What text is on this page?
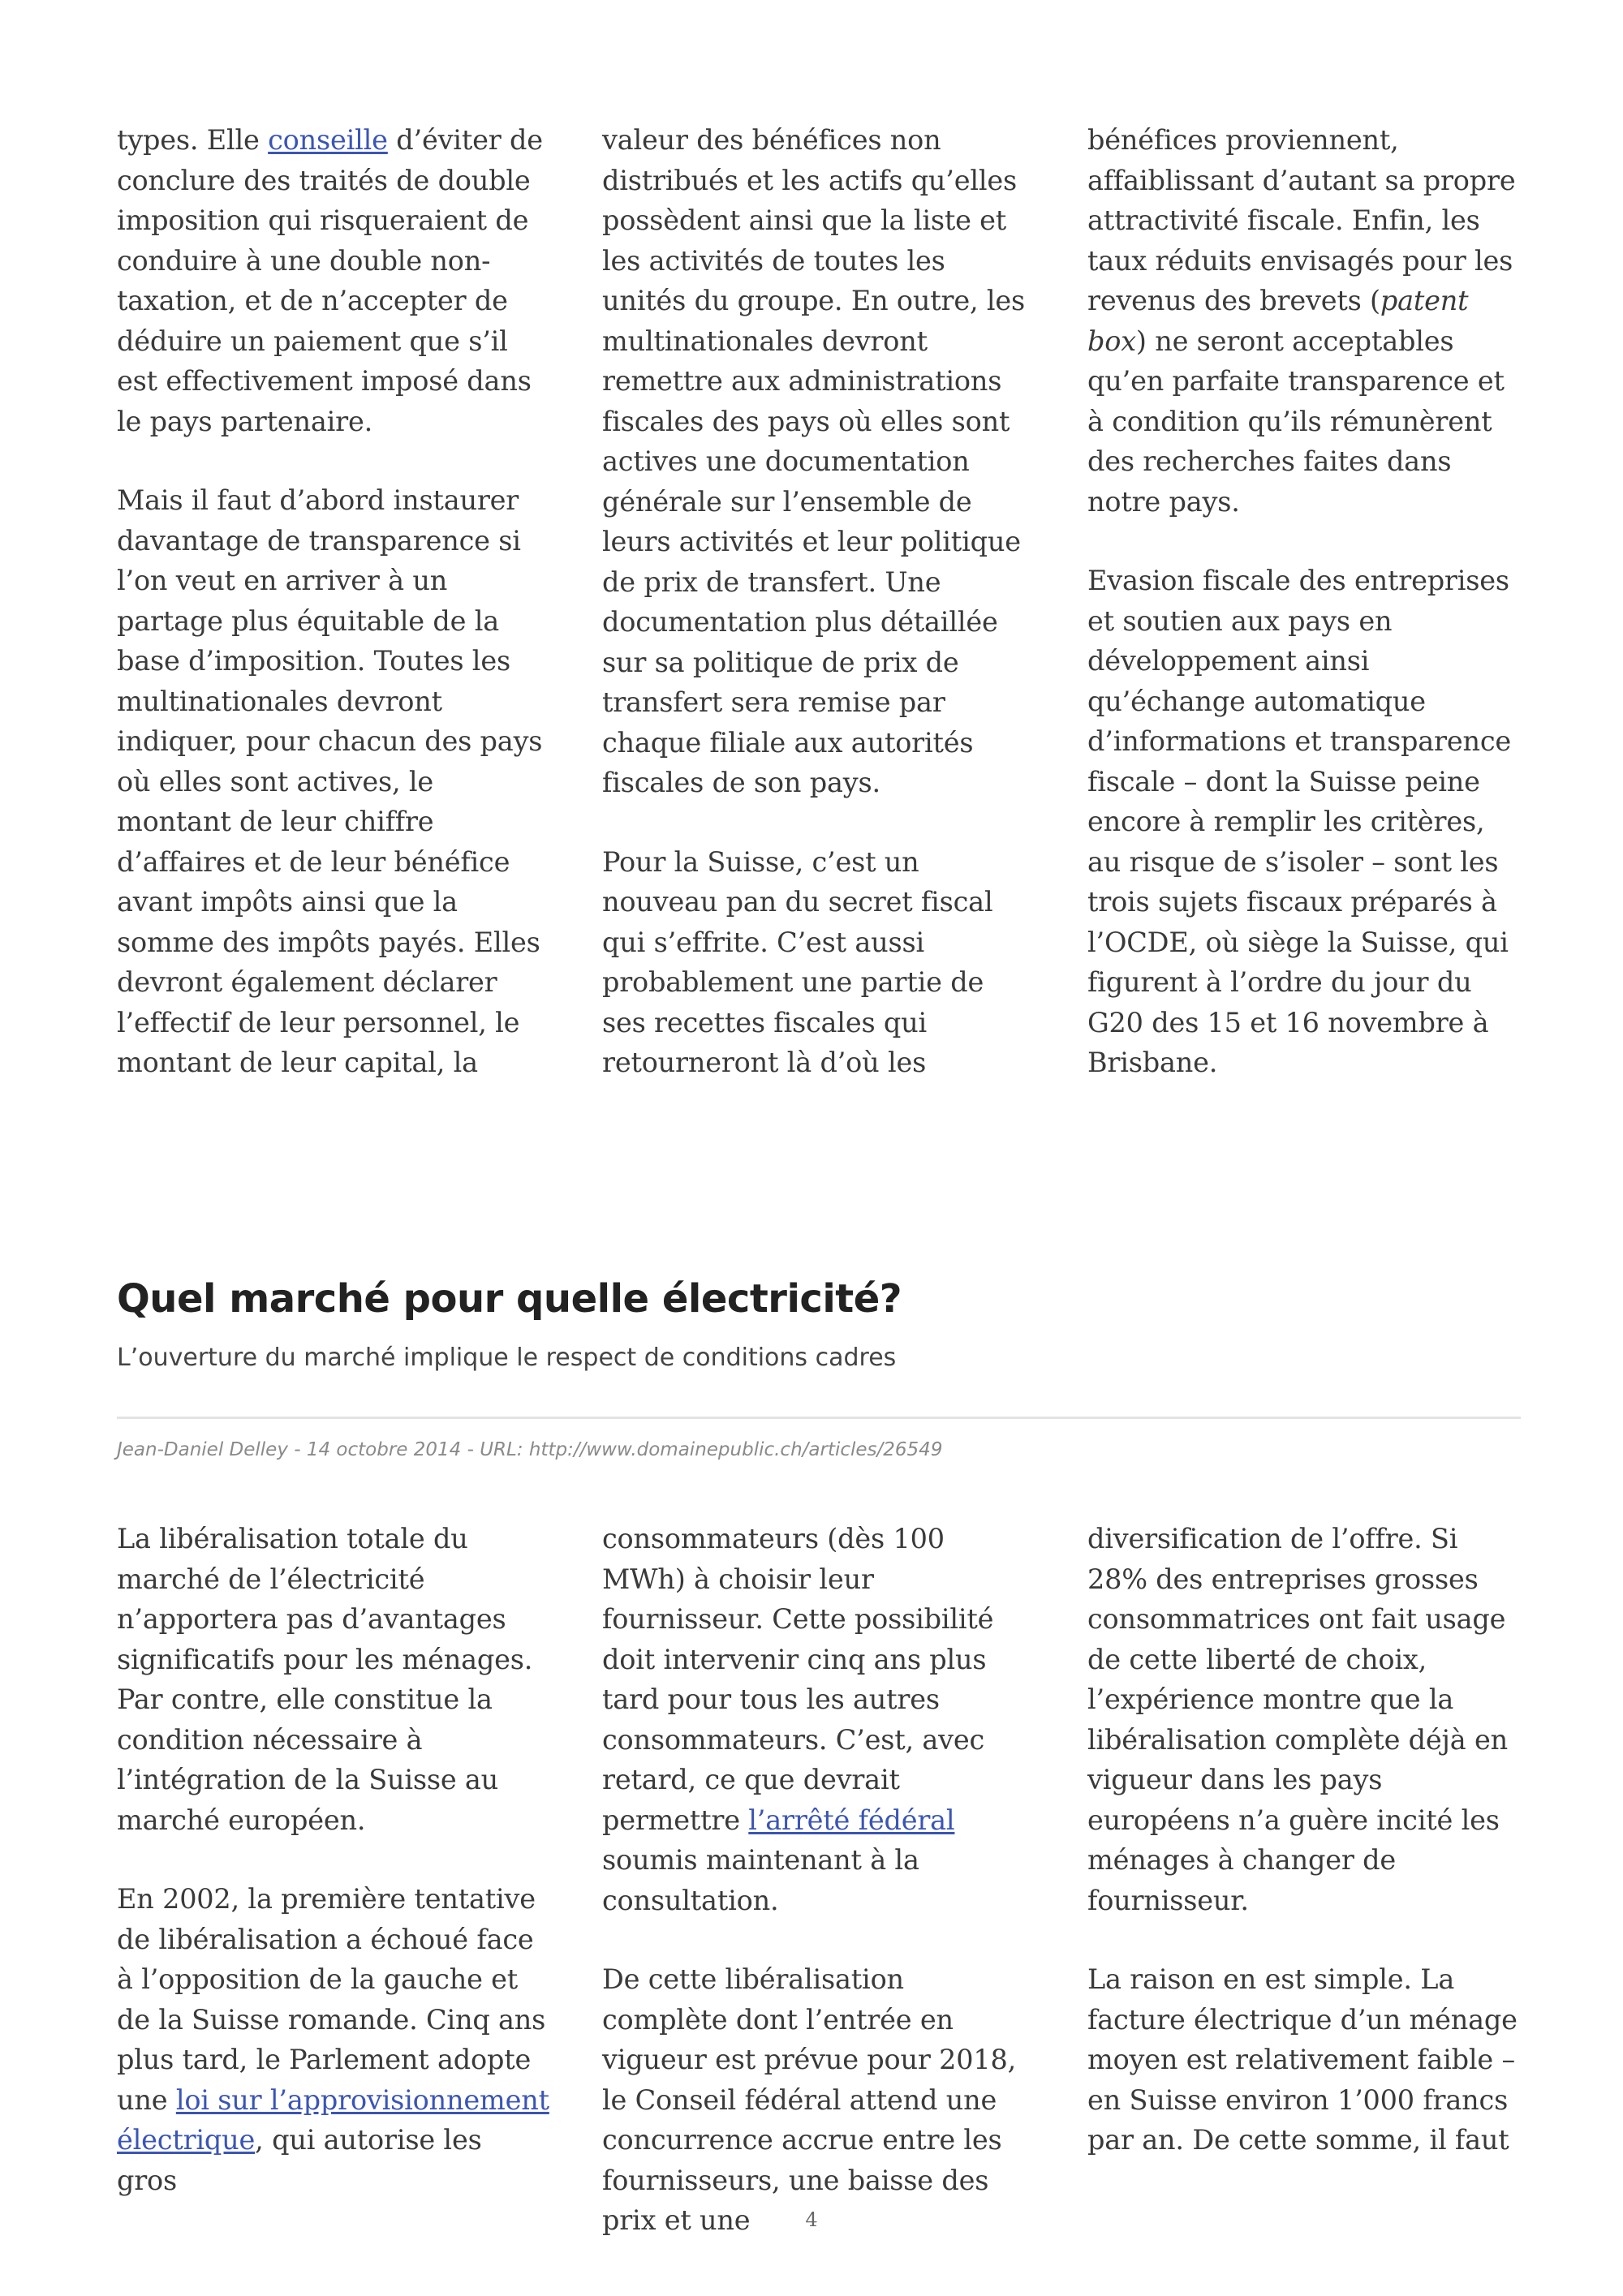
types. Elle conseille d’éviter de conclure des traités de double imposition qui risqueraient de conduire à une double non-taxation, et de n’accepter de déduire un paiement que s’il est effectivement imposé dans le pays partenaire.

Mais il faut d’abord instaurer davantage de transparence si l’on veut en arriver à un partage plus équitable de la base d’imposition. Toutes les multinationales devront indiquer, pour chacun des pays où elles sont actives, le montant de leur chiffre d’affaires et de leur bénéfice avant impôts ainsi que la somme des impôts payés. Elles devront également déclarer l’effectif de leur personnel, le montant de leur capital, la

valeur des bénéfices non distribués et les actifs qu’elles possèdent ainsi que la liste et les activités de toutes les unités du groupe. En outre, les multinationales devront remettre aux administrations fiscales des pays où elles sont actives une documentation générale sur l’ensemble de leurs activités et leur politique de prix de transfert. Une documentation plus détaillée sur sa politique de prix de transfert sera remise par chaque filiale aux autorités fiscales de son pays.

Pour la Suisse, c’est un nouveau pan du secret fiscal qui s’effrite. C’est aussi probablement une partie de ses recettes fiscales qui retourneront là d’où les

bénéfices proviennent, affaiblissant d’autant sa propre attractivité fiscale. Enfin, les taux réduits envisagés pour les revenus des brevets (patent box) ne seront acceptables qu’en parfaite transparence et à condition qu’ils rémunèrent des recherches faites dans notre pays.

Evasion fiscale des entreprises et soutien aux pays en développement ainsi qu’échange automatique d’informations et transparence fiscale – dont la Suisse peine encore à remplir les critères, au risque de s’isoler – sont les trois sujets fiscaux préparés à l’OCDE, où siège la Suisse, qui figurent à l’ordre du jour du G20 des 15 et 16 novembre à Brisbane.

Quel marché pour quelle électricité?
L’ouverture du marché implique le respect de conditions cadres
Jean-Daniel Delley - 14 octobre 2014 - URL: http://www.domainepublic.ch/articles/26549

La libéralisation totale du marché de l’électricité n’apportera pas d’avantages significatifs pour les ménages. Par contre, elle constitue la condition nécessaire à l’intégration de la Suisse au marché européen.

En 2002, la première tentative de libéralisation a échoué face à l’opposition de la gauche et de la Suisse romande. Cinq ans plus tard, le Parlement adopte une loi sur l’approvisionnement électrique, qui autorise les gros

consommateurs (dès 100 MWh) à choisir leur fournisseur. Cette possibilité doit intervenir cinq ans plus tard pour tous les autres consommateurs. C’est, avec retard, ce que devrait permettre l’arrêté fédéral soumis maintenant à la consultation.

De cette libéralisation complète dont l’entrée en vigueur est prévue pour 2018, le Conseil fédéral attend une concurrence accrue entre les fournisseurs, une baisse des prix et une

diversification de l’offre. Si 28% des entreprises grosses consommatrices ont fait usage de cette liberté de choix, l’expérience montre que la libéralisation complète déjà en vigueur dans les pays européens n’a guère incité les ménages à changer de fournisseur.

La raison en est simple. La facture électrique d’un ménage moyen est relativement faible – en Suisse environ 1’000 francs par an. De cette somme, il faut

4
